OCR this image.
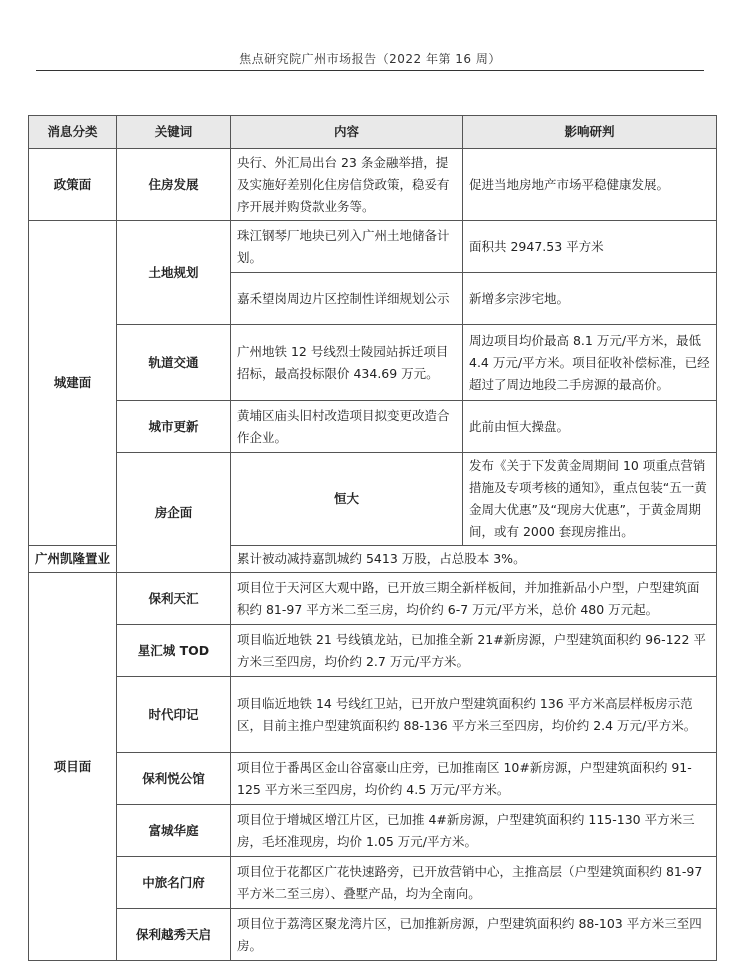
焦点研究院广州市场报告（2022 年第 16 周）
消息分类	关键词	内容	影响研判
政策面	住房发展	央行、外汇局出台 23 条金融举措，提及实施好差别化住房信贷政策，稳妥有序开展并购贷款业务等。	促进当地房地产市场平稳健康发展。
城建面	土地规划	珠江钢琴厂地块已列入广州土地储备计划。	面积共 2947.53 平方米
		嘉禾望岗周边片区控制性详细规划公示	新增多宗涉宅地。
	轨道交通	广州地铁 12 号线烈士陵园站拆迁项目招标，最高投标限价 434.69 万元。	周边项目均价最高 8.1 万元/平方米，最低 4.4 万元/平方米。项目征收补偿标准，已经超过了周边地段二手房源的最高价。
	城市更新	黄埔区庙头旧村改造项目拟变更改造合作企业。	此前由恒大操盘。
	房企面	恒大	发布《关于下发黄金周期间 10 项重点营销措施及专项考核的通知》，重点包装“五一黄金周大优惠”及“现房大优惠”，于黄金周期间，或有 2000 套现房推出。
广州凯隆置业		累计被动减持嘉凯城约 5413 万股，占总股本 3%。	
项目面	保利天汇	项目位于天河区大观中路，已开放三期全新样板间，并加推新品小户型，户型建筑面积约 81-97 平方米二至三房，均价约 6-7 万元/平方米，总价 480 万元起。	
	星汇城 TOD	项目临近地铁 21 号线镇龙站，已加推全新 21#新房源，户型建筑面积约 96-122 平方米三至四房，均价约 2.7 万元/平方米。	
	时代印记	项目临近地铁 14 号线红卫站，已开放户型建筑面积约 136 平方米高层样板房示范区，目前主推户型建筑面积约 88-136 平方米三至四房，均价约 2.4 万元/平方米。	
	保利悦公馆	项目位于番禺区金山谷富豪山庄旁，已加推南区 10#新房源，户型建筑面积约 91-125 平方米三至四房，均价约 4.5 万元/平方米。	
	富城华庭	项目位于增城区增江片区，已加推 4#新房源，户型建筑面积约 115-130 平方米三房，毛坯准现房，均价 1.05 万元/平方米。	
	中旅名门府	项目位于花都区广花快速路旁，已开放营销中心，主推高层（户型建筑面积约 81-97 平方米二至三房）、叠墅产品，均为全南向。	
	保利越秀天启	项目位于荔湾区聚龙湾片区，已加推新房源，户型建筑面积约 88-103 平方米三至四房。	
